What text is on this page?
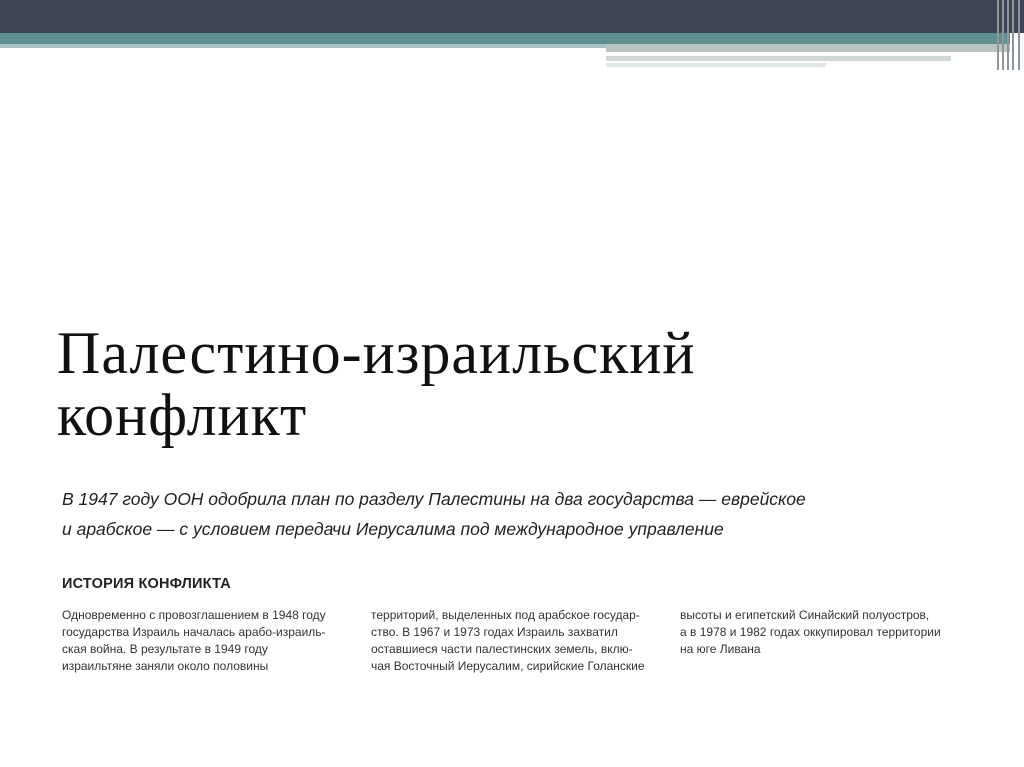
Палестино-израильский
конфликт
В 1947 году ООН одобрила план по разделу Палестины на два государства — еврейское
и арабское — с условием передачи Иерусалима под международное управление
ИСТОРИЯ КОНФЛИКТА
Одновременно с провозглашением в 1948 году
государства Израиль началась арабо-израиль-
ская война. В результате в 1949 году
израильтяне заняли около половины
территорий, выделенных под арабское государ-
ство. В 1967 и 1973 годах Израиль захватил
оставшиеся части палестинских земель, вклю-
чая Восточный Иерусалим, сирийские Голанские
высоты и египетский Синайский полуостров,
а в 1978 и 1982 годах оккупировал территории
на юге Ливана
